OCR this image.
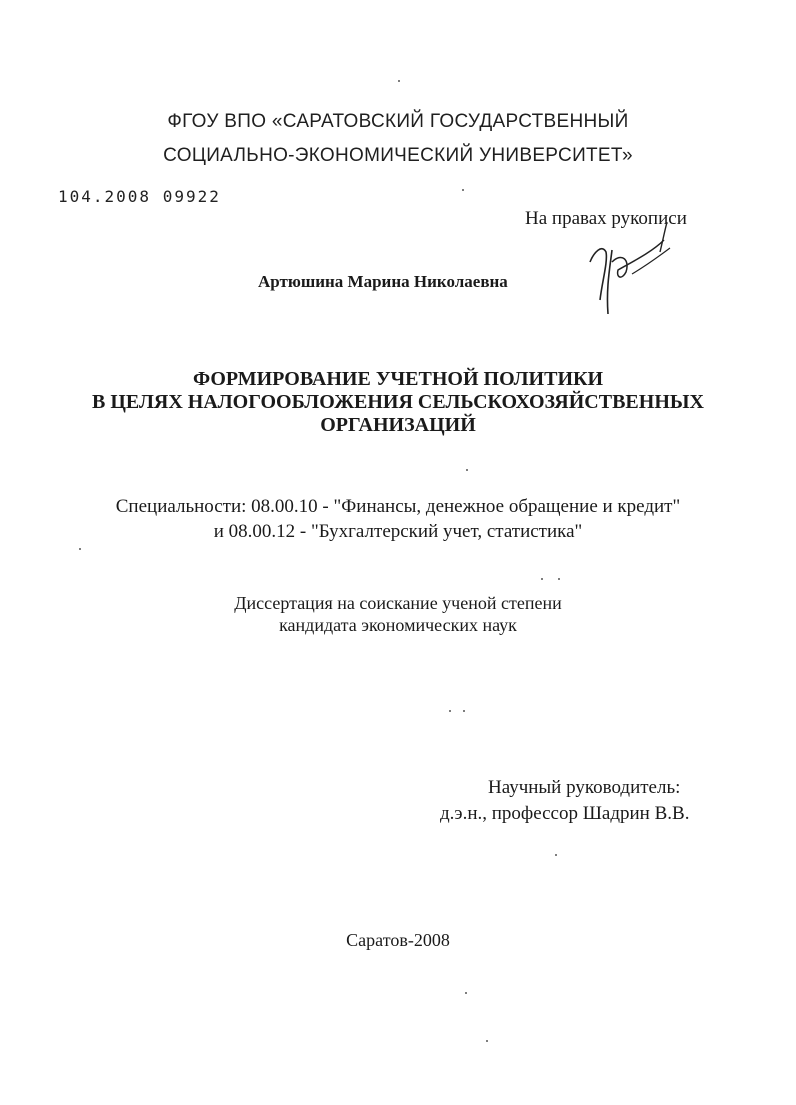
ФГОУ ВПО «САРАТОВСКИЙ ГОСУДАРСТВЕННЫЙ
СОЦИАЛЬНО-ЭКОНОМИЧЕСКИЙ УНИВЕРСИТЕТ»
104.2008 09922
На правах рукописи
Артюшина Марина Николаевна
ФОРМИРОВАНИЕ УЧЕТНОЙ ПОЛИТИКИ
В ЦЕЛЯХ НАЛОГООБЛОЖЕНИЯ СЕЛЬСКОХОЗЯЙСТВЕННЫХ
ОРГАНИЗАЦИЙ
Специальности: 08.00.10 - "Финансы, денежное обращение и кредит"
и 08.00.12 - "Бухгалтерский учет, статистика"
Диссертация на соискание ученой степени
кандидата экономических наук
Научный руководитель:
д.э.н., профессор Шадрин В.В.
Саратов-2008
